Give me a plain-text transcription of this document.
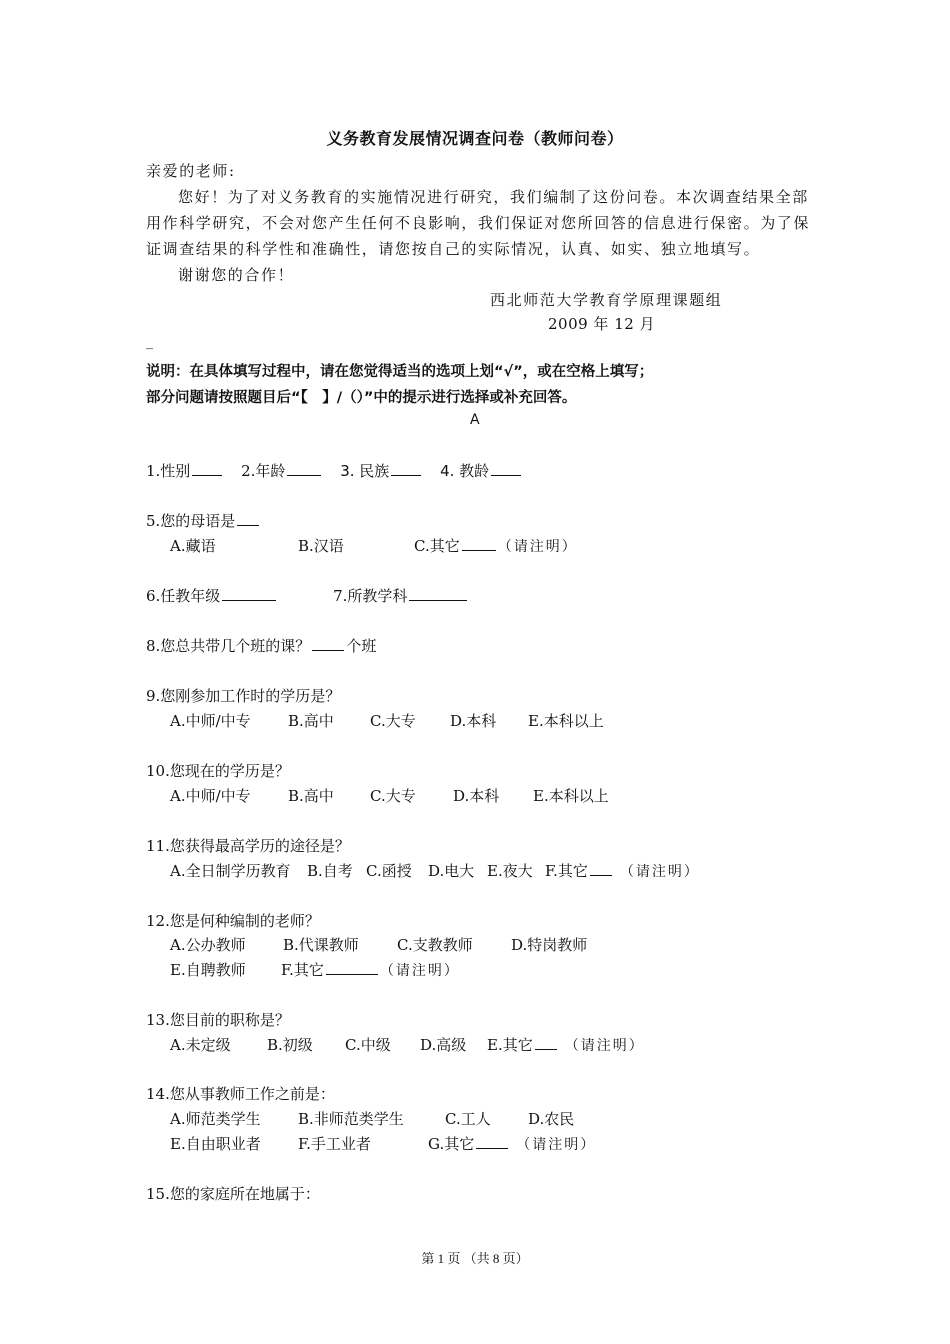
义务教育发展情况调查问卷（教师问卷）
亲爱的老师:
您好！为了对义务教育的实施情况进行研究，我们编制了这份问卷。本次调查结果全部
用作科学研究，不会对您产生任何不良影响，我们保证对您所回答的信息进行保密。为了保
证调查结果的科学性和准确性，请您按自己的实际情况，认真、如实、独立地填写。
谢谢您的合作！
西北师范大学教育学原理课题组
2009 年 12 月
_
说明：在具体填写过程中，请在您觉得适当的选项上划“√”，或在空格上填写；
部分问题请按照题目后“【　】/（）”中的提示进行选择或补充回答。
A
1.性别	2.年龄	3. 民族	4. 教龄
5.您的母语是
A.藏语	B.汉语	C.其它	（请注明）
6.任教年级	7.所教学科
8.您总共带几个班的课？ 个班
9.您刚参加工作时的学历是？
A.中师/中专 B.高中 C.大专 D.本科 E.本科以上
10.您现在的学历是？
A.中师/中专 B.高中 C.大专 D.本科 E.本科以上
11.您获得最高学历的途径是？
A.全日制学历教育 B.自考 C.函授 D.电大 E.夜大 F.其它 （请注明）
12.您是何种编制的老师？
A.公办教师 B.代课教师	C.支教教师	D.特岗教师
E.自聘教师 F.其它	（请注明）
13.您目前的职称是？
A.未定级 B.初级 C.中级 D.高级 E.其它 （请注明）
14.您从事教师工作之前是：
A.师范类学生 B.非师范类学生	C.工人 D.农民
E.自由职业者 F.手工业者	G.其它	（请注明）
15.您的家庭所在地属于：
第 1 页 （共 8 页）
